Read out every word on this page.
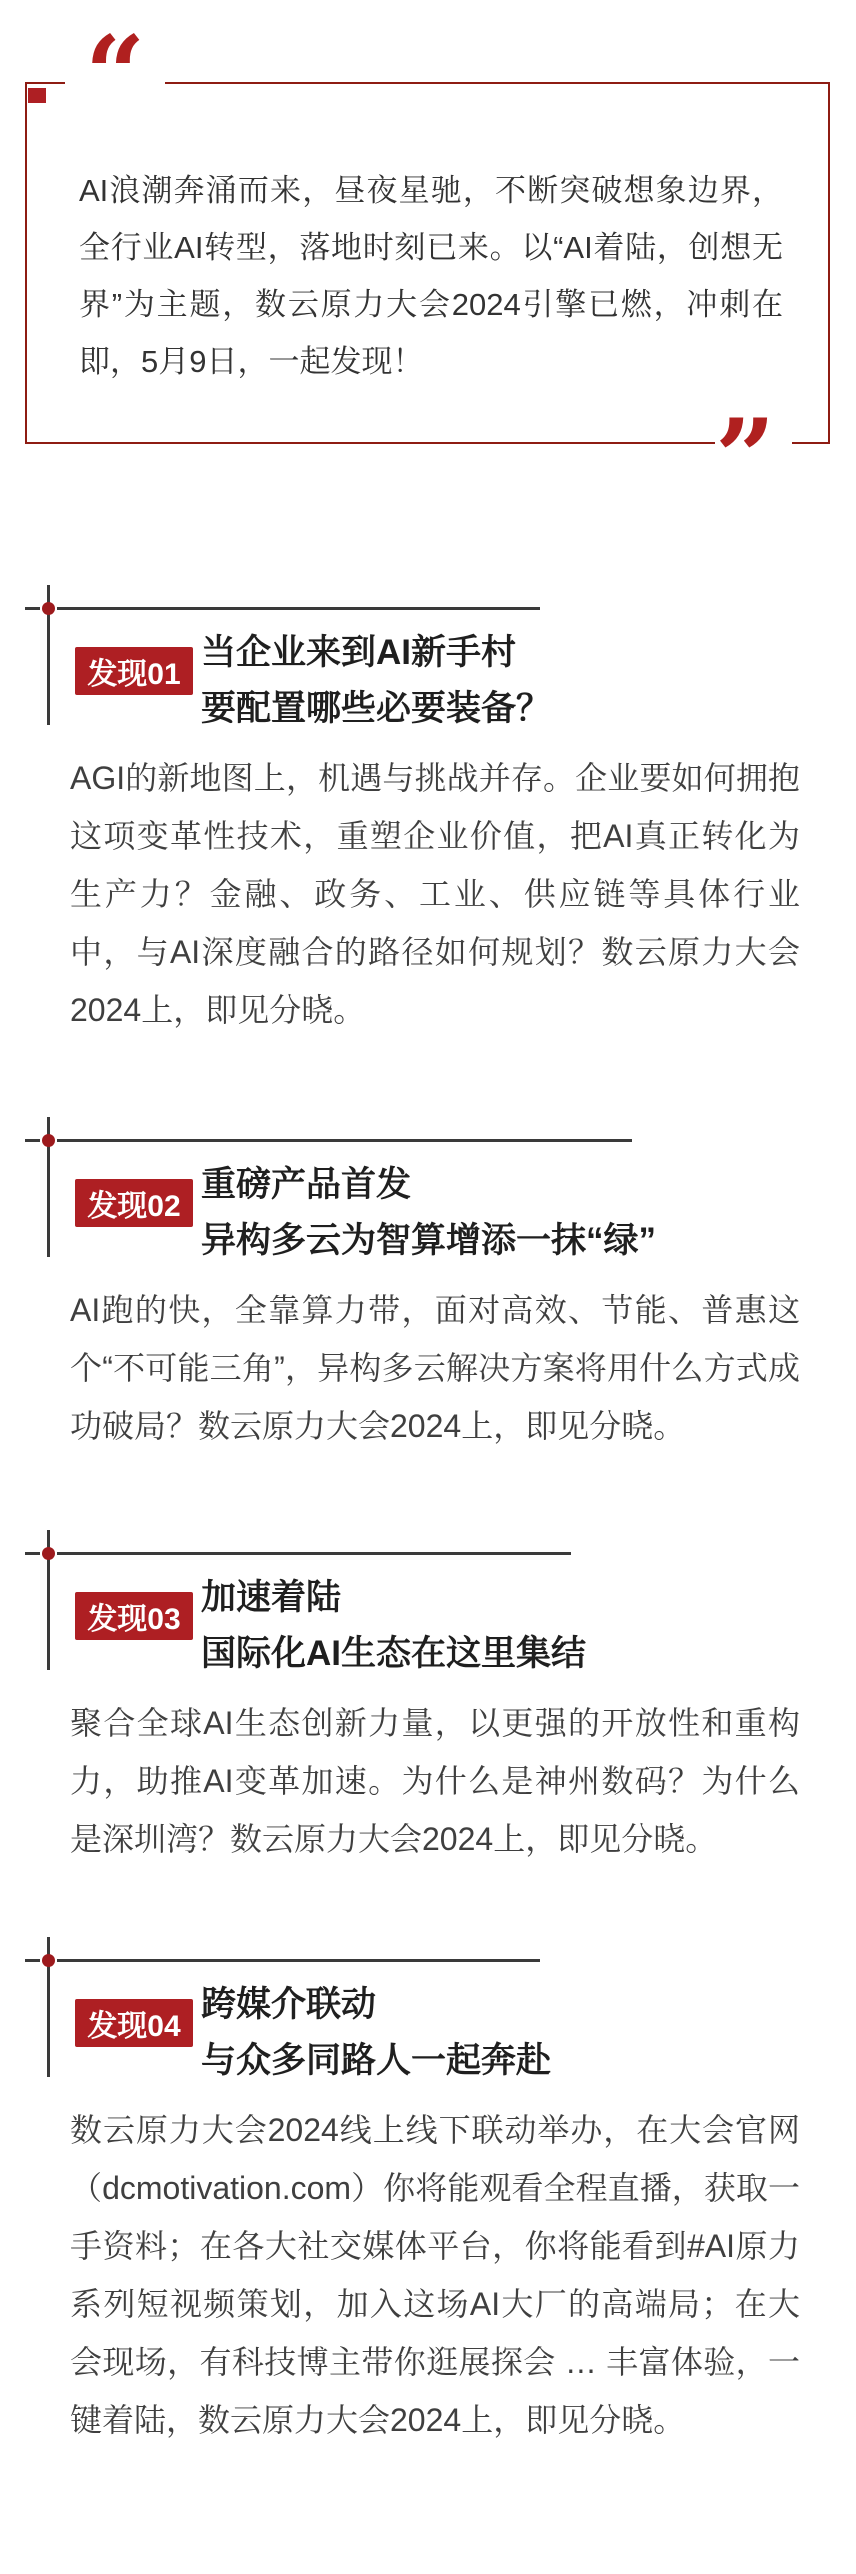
“

AI浪潮奔涌而来，昼夜星驰，不断突破想象边界，全行业AI转型，落地时刻已来。以“AI着陆，创想无界”为主题，数云原力大会2024引擎已燃，冲刺在即，5月9日，一起发现！

”
发现01
当企业来到AI新手村
要配置哪些必要装备？

AGI的新地图上，机遇与挑战并存。企业要如何拥抱这项变革性技术，重塑企业价值，把AI真正转化为生产力？金融、政务、工业、供应链等具体行业中，与AI深度融合的路径如何规划？数云原力大会2024上，即见分晓。

发现02
重磅产品首发
异构多云为智算增添一抹“绿”

AI跑的快，全靠算力带，面对高效、节能、普惠这个“不可能三角”，异构多云解决方案将用什么方式成功破局？数云原力大会2024上，即见分晓。

发现03
加速着陆
国际化AI生态在这里集结

聚合全球AI生态创新力量，以更强的开放性和重构力，助推AI变革加速。为什么是神州数码？为什么是深圳湾？数云原力大会2024上，即见分晓。

发现04
跨媒介联动
与众多同路人一起奔赴

数云原力大会2024线上线下联动举办，在大会官网（dcmotivation.com）你将能观看全程直播，获取一手资料；在各大社交媒体平台，你将能看到#AI原力系列短视频策划，加入这场AI大厂的高端局；在大会现场，有科技博主带你逛展探会 … 丰富体验，一键着陆，数云原力大会2024上，即见分晓。
